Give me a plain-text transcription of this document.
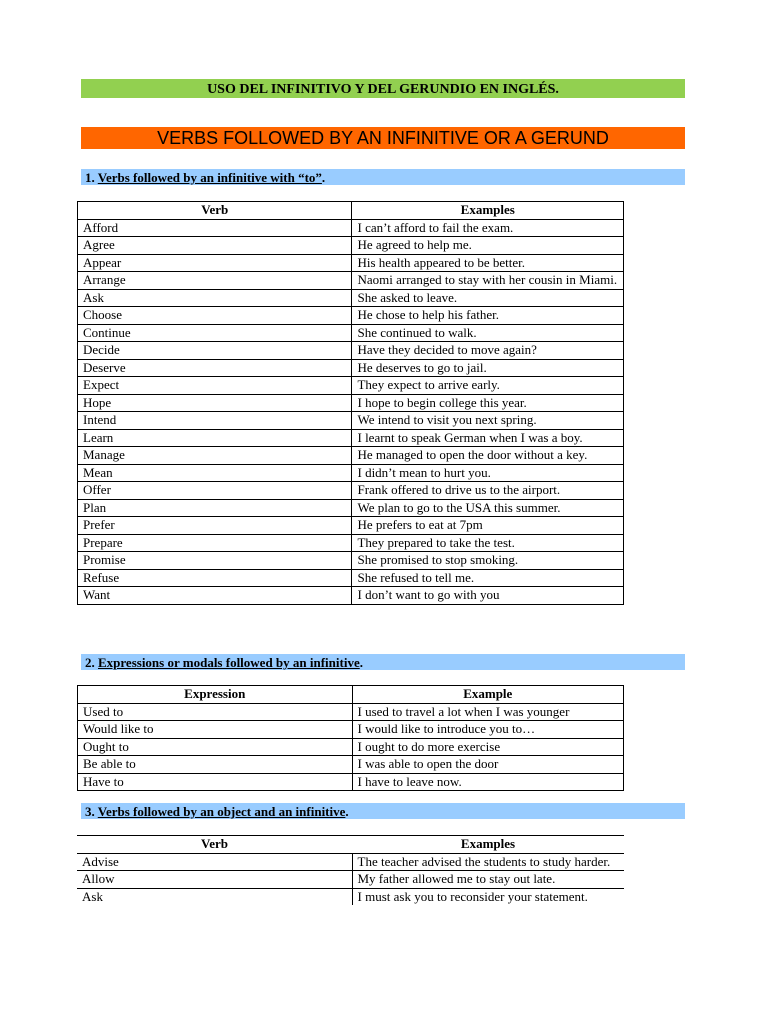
USO DEL INFINITIVO Y DEL GERUNDIO EN INGLÉS.
VERBS FOLLOWED BY AN INFINITIVE OR A GERUND
1. Verbs followed by an infinitive with “to”.
Verb	Examples
Afford	I can’t afford to fail the exam.
Agree	He agreed to help me.
Appear	His health appeared to be better.
Arrange	Naomi arranged to stay with her cousin in Miami.
Ask	She asked to leave.
Choose	He chose to help his father.
Continue	She continued to walk.
Decide	Have they decided to move again?
Deserve	He deserves to go to jail.
Expect	They expect to arrive early.
Hope	I hope to begin college this year.
Intend	We intend to visit you next spring.
Learn	I learnt to speak German when I was a boy.
Manage	He managed to open the door without a key.
Mean	I didn’t mean to hurt you.
Offer	Frank offered to drive us to the airport.
Plan	We plan to go to the USA this summer.
Prefer	He prefers to eat at 7pm
Prepare	They prepared to take the test.
Promise	She promised to stop smoking.
Refuse	She refused to tell me.
Want	I don’t want to go with you
2. Expressions or modals followed by an infinitive.
Expression	Example
Used to	I used to travel a lot when I was younger
Would like to	I would like to introduce you to…
Ought to	I ought to do more exercise
Be able to	I was able to open the door
Have to	I have to leave now.
3. Verbs followed by an object and an infinitive.
Verb	Examples
Advise	The teacher advised the students to study harder.
Allow	My father allowed me to stay out late.
Ask	I must ask you to reconsider your statement.
